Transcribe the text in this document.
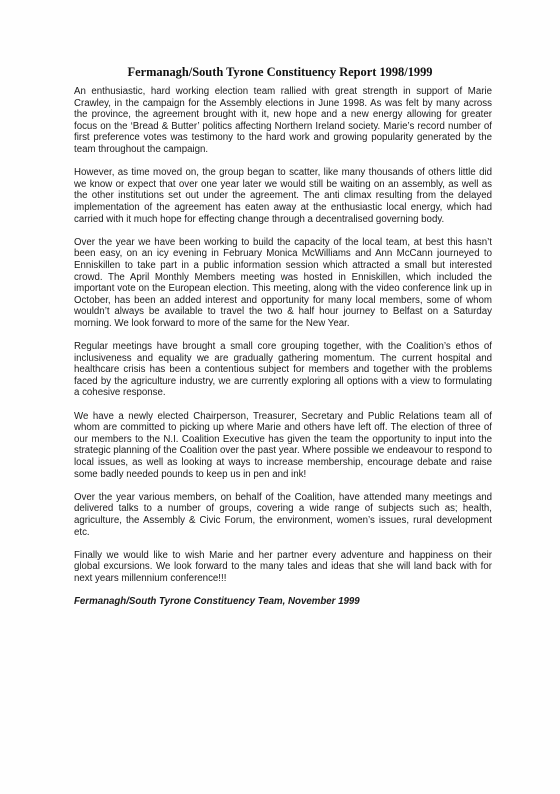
Fermanagh/South Tyrone Constituency Report 1998/1999

An enthusiastic, hard working election team rallied with great strength in support of Marie Crawley, in the campaign for the Assembly elections in June 1998. As was felt by many across the province, the agreement brought with it, new hope and a new energy allowing for greater focus on the ‘Bread & Butter’ politics affecting Northern Ireland society. Marie’s record number of first preference votes was testimony to the hard work and growing popularity generated by the team throughout the campaign.

However, as time moved on, the group began to scatter, like many thousands of others little did we know or expect that over one year later we would still be waiting on an assembly, as well as the other institutions set out under the agreement. The anti climax resulting from the delayed implementation of the agreement has eaten away at the enthusiastic local energy, which had carried with it much hope for effecting change through a decentralised governing body.

Over the year we have been working to build the capacity of the local team, at best this hasn’t been easy, on an icy evening in February Monica McWilliams and Ann McCann journeyed to Enniskillen to take part in a public information session which attracted a small but interested crowd. The April Monthly Members meeting was hosted in Enniskillen, which included the important vote on the European election. This meeting, along with the video conference link up in October, has been an added interest and opportunity for many local members, some of whom wouldn’t always be available to travel the two & half hour journey to Belfast on a Saturday morning. We look forward to more of the same for the New Year.

Regular meetings have brought a small core grouping together, with the Coalition’s ethos of inclusiveness and equality we are gradually gathering momentum. The current hospital and healthcare crisis has been a contentious subject for members and together with the problems faced by the agriculture industry, we are currently exploring all options with a view to formulating a cohesive response.

We have a newly elected Chairperson, Treasurer, Secretary and Public Relations team all of whom are committed to picking up where Marie and others have left off. The election of three of our members to the N.I. Coalition Executive has given the team the opportunity to input into the strategic planning of the Coalition over the past year. Where possible we endeavour to respond to local issues, as well as looking at ways to increase membership, encourage debate and raise some badly needed pounds to keep us in pen and ink!

Over the year various members, on behalf of the Coalition, have attended many meetings and delivered talks to a number of groups, covering a wide range of subjects such as; health, agriculture, the Assembly & Civic Forum, the environment, women’s issues, rural development etc.

Finally we would like to wish Marie and her partner every adventure and happiness on their global excursions. We look forward to the many tales and ideas that she will land back with for next years millennium conference!!!

Fermanagh/South Tyrone Constituency Team, November 1999
